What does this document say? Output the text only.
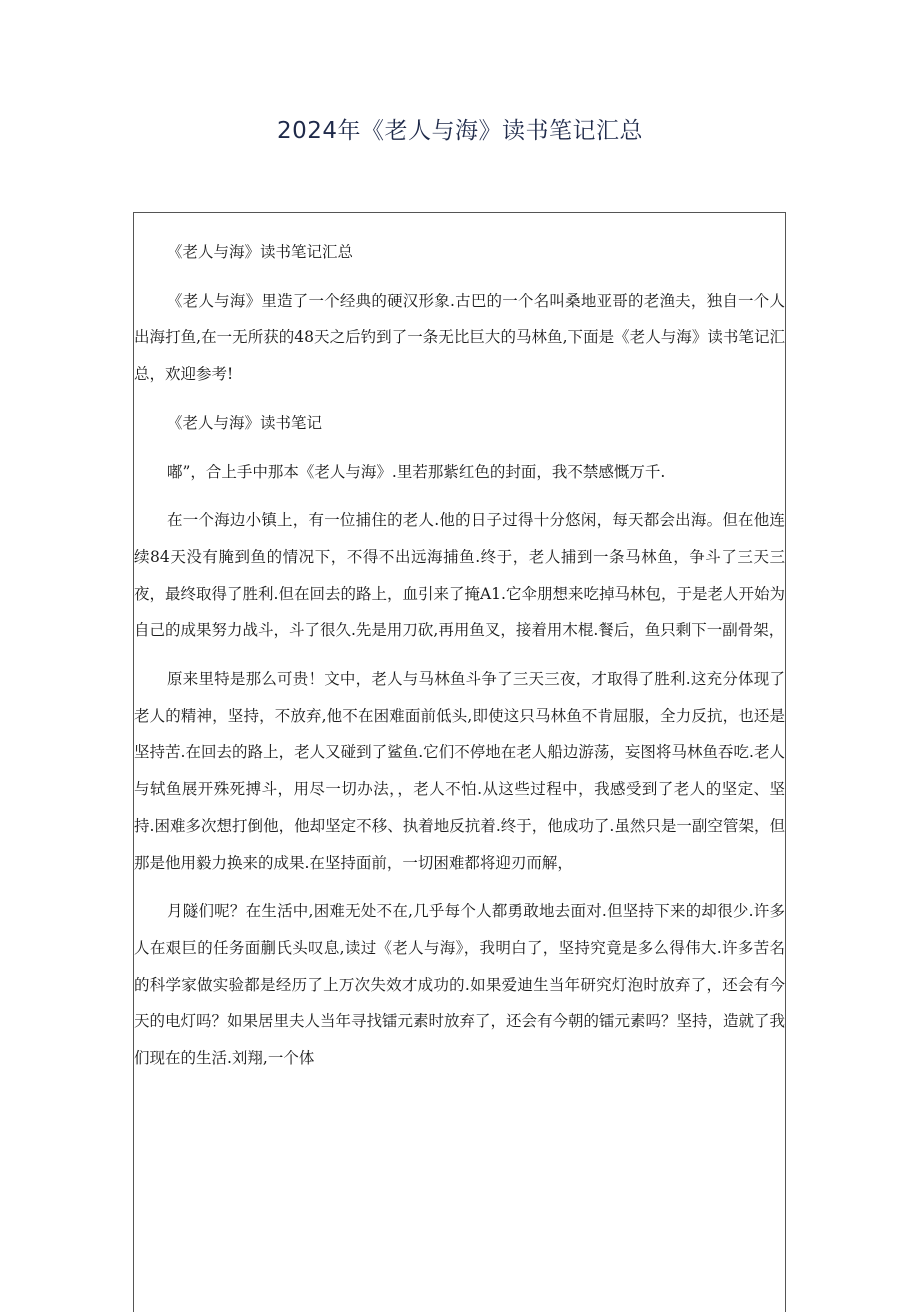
2024年《老人与海》读书笔记汇总

《老人与海》读书笔记汇总

《老人与海》里造了一个经典的硬汉形象.古巴的一个名叫桑地亚哥的老渔夫，独自一个人出海打鱼,在一无所获的48天之后钓到了一条无比巨大的马林鱼,下面是《老人与海》读书笔记汇总，欢迎参考!

《老人与海》读书笔记

嘟”，合上手中那本《老人与海》.里若那紫红色的封面，我不禁感慨万千.

在一个海边小镇上，有一位捕住的老人.他的日子过得十分悠闲，每天都会出海。但在他连续84天没有腌到鱼的情况下，不得不出远海捕鱼.终于，老人捕到一条马林鱼，争斗了三天三夜，最终取得了胜利.但在回去的路上，血引来了掩A1.它伞朋想来吃掉马林包，于是老人开始为自己的成果努力战斗，斗了很久.先是用刀砍,再用鱼叉，接着用木棍.餐后，鱼只剩下一副骨架，

原来里特是那么可贵！文中，老人与马林鱼斗争了三天三夜，才取得了胜利.这充分体现了老人的精神，坚持，不放弃,他不在困难面前低头,即使这只马林鱼不肯屈服，全力反抗，也还是坚持苦.在回去的路上，老人又碰到了鲨鱼.它们不停地在老人船边游荡，妄图将马林鱼吞吃.老人与轼鱼展开殊死搏斗，用尽一切办法，，老人不怕.从这些过程中，我感受到了老人的坚定、坚持.困难多次想打倒他，他却坚定不移、执着地反抗着.终于，他成功了.虽然只是一副空管架，但那是他用毅力换来的成果.在坚持面前，一切困难都将迎刃而解，

月隧们呢？在生活中,困难无处不在,几乎每个人都勇敢地去面对.但坚持下来的却很少.许多人在艰巨的任务面蒯氏头叹息,读过《老人与海》，我明白了，坚持究竟是多么得伟大.许多苦名的科学家做实验都是经历了上万次失效才成功的.如果爱迪生当年研究灯泡时放弃了，还会有今天的电灯吗？如果居里夫人当年寻找镭元素时放弃了，还会有今朝的镭元素吗？坚持，造就了我们现在的生活.刘翔,一个体
